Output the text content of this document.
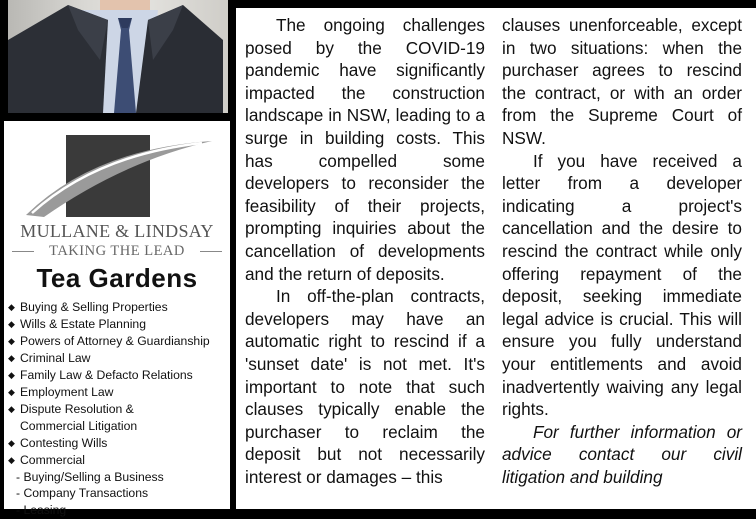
MULLANE & LINDSAY
TAKING THE LEAD
Tea Gardens
◆ Buying & Selling Properties
◆ Wills & Estate Planning
◆ Powers of Attorney & Guardianship
◆ Criminal Law
◆ Family Law & Defacto Relations
◆ Employment Law
◆ Dispute Resolution &
Commercial Litigation
◆ Contesting Wills
◆ Commercial
- Buying/Selling a Business
- Company Transactions
- Leasing

The ongoing challenges posed by the COVID-19 pandemic have significantly impacted the construction landscape in NSW, leading to a surge in building costs. This has compelled some developers to reconsider the feasibility of their projects, prompting inquiries about the cancellation of developments and the return of deposits.

In off-the-plan contracts, developers may have an automatic right to rescind if a 'sunset date' is not met. It's important to note that such clauses typically enable the purchaser to reclaim the deposit but not necessarily interest or damages – this

clauses unenforceable, except in two situations: when the purchaser agrees to rescind the contract, or with an order from the Supreme Court of NSW.

If you have received a letter from a developer indicating a project's cancellation and the desire to rescind the contract while only offering repayment of the deposit, seeking immediate legal advice is crucial. This will ensure you fully understand your entitlements and avoid inadvertently waiving any legal rights.

For further information or advice contact our civil litigation and building
